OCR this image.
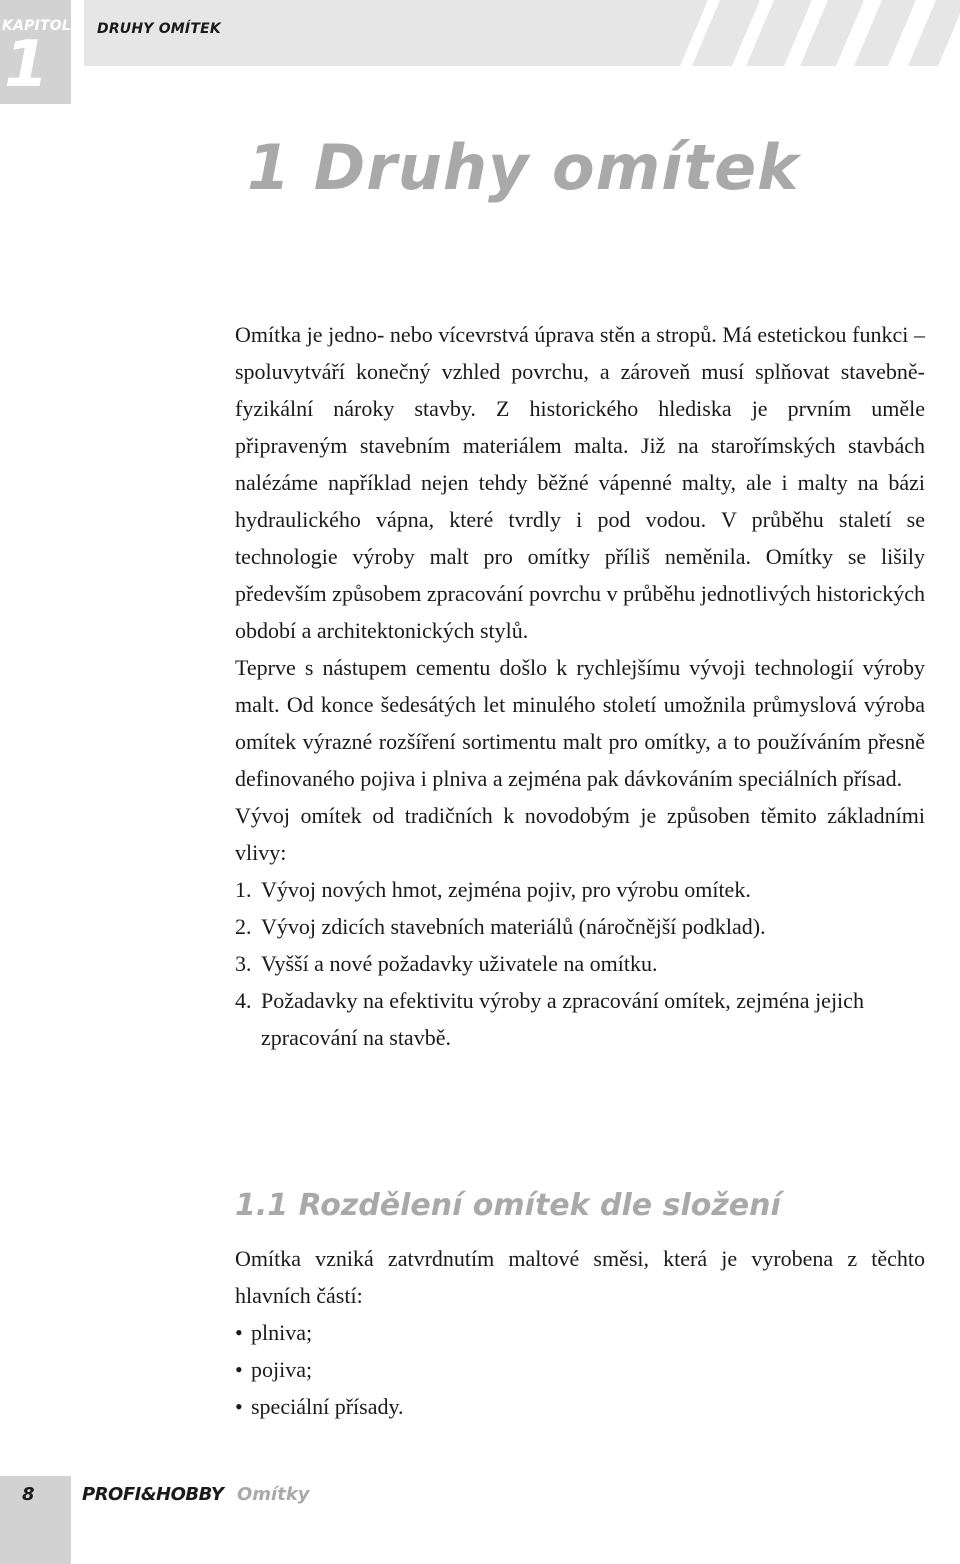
KAPITOLA
1	DRUHY OMÍTEK
1 Druhy omítek

Omítka je jedno- nebo vícevrstvá úprava stěn a stropů. Má estetickou funkci – spoluvytváří konečný vzhled povrchu, a zároveň musí splňovat stavebně-fyzikální nároky stavby. Z historického hlediska je prvním uměle připraveným stavebním materiálem malta. Již na starořímských stavbách nalézáme například nejen tehdy běžné vápenné malty, ale i malty na bázi hydraulického vápna, které tvrdly i pod vodou. V průběhu staletí se technologie výroby malt pro omítky příliš neměnila. Omítky se lišily především způsobem zpracování povrchu v průběhu jednotlivých historických období a architektonických stylů.

Teprve s nástupem cementu došlo k rychlejšímu vývoji technologií výroby malt. Od konce šedesátých let minulého století umožnila průmyslová výroba omítek výrazné rozšíření sortimentu malt pro omítky, a to používáním přesně definovaného pojiva i plniva a zejména pak dávkováním speciálních přísad.

Vývoj omítek od tradičních k novodobým je způsoben těmito základními vlivy:

1. Vývoj nových hmot, zejména pojiv, pro výrobu omítek.
2. Vývoj zdicích stavebních materiálů (náročnější podklad).
3. Vyšší a nové požadavky uživatele na omítku.
4. Požadavky na efektivitu výroby a zpracování omítek, zejména jejich zpracování na stavbě.
1.1 Rozdělení omítek dle složení

Omítka vzniká zatvrdnutím maltové směsi, která je vyrobena z těchto hlavních částí:

• plniva;
• pojiva;
• speciální přísady.
8	PROFI&HOBBY Omítky
